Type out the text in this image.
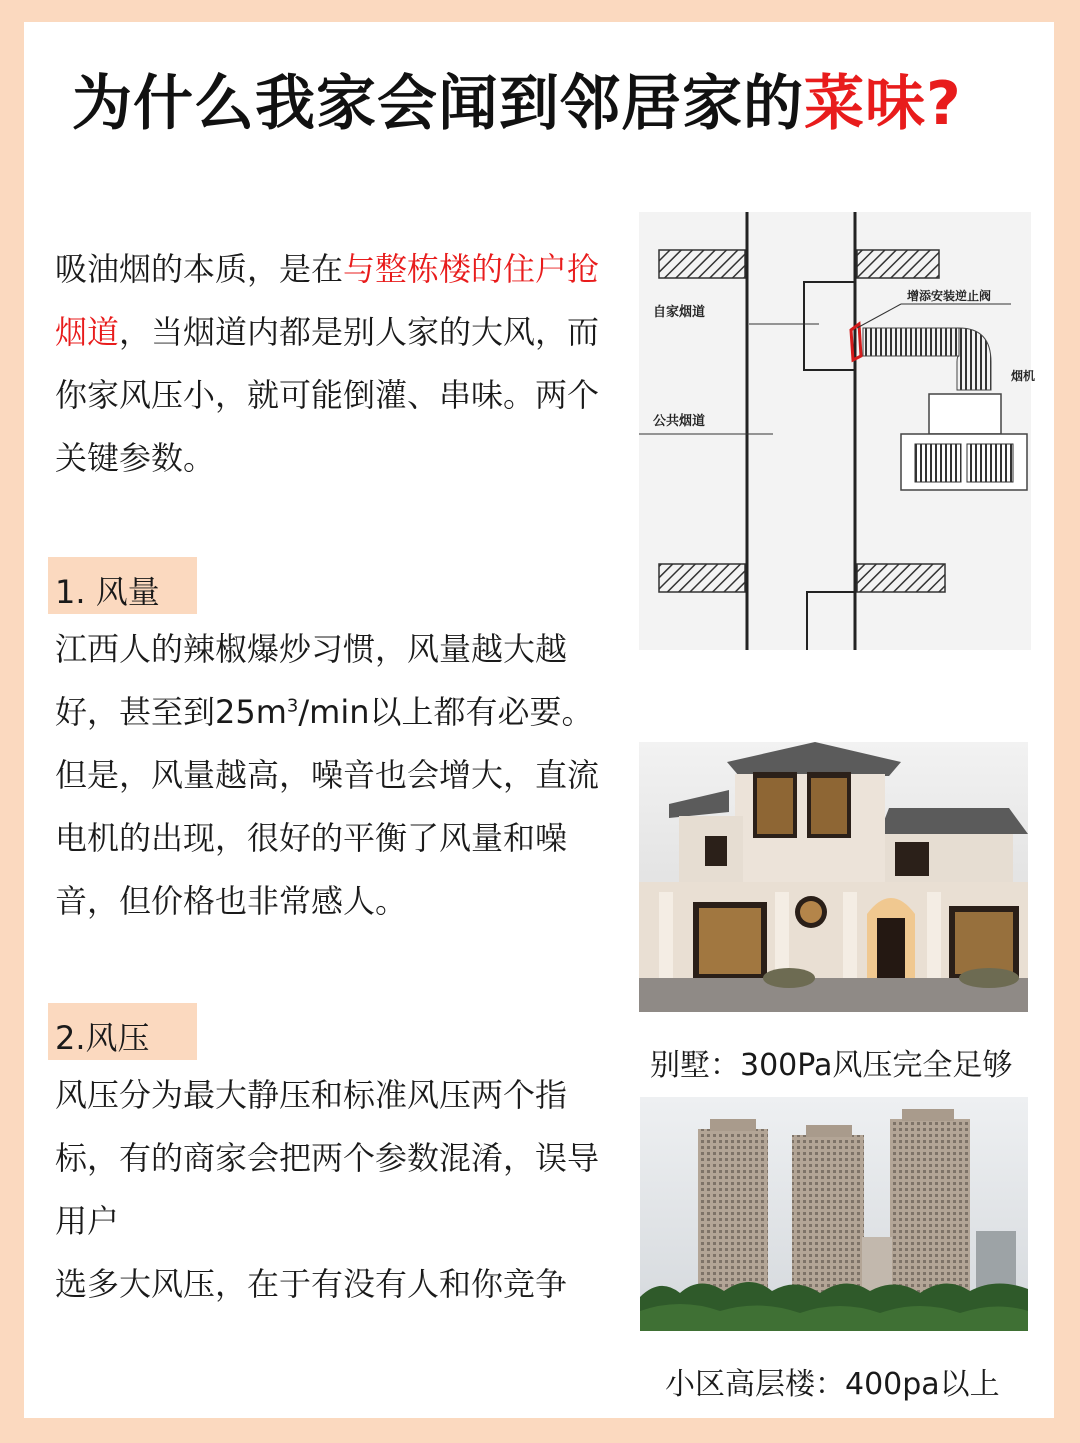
为什么我家会闻到邻居家的菜味?
吸油烟的本质，是在与整栋楼的住户抢烟道，当烟道内都是别人家的大风，而你家风压小，就可能倒灌、串味。两个关键参数。
1. 风量
江西人的辣椒爆炒习惯，风量越大越好，甚至到$25m^3/\min$以上都有必要。但是，风量越高，噪音也会增大，直流电机的出现，很好的平衡了风量和噪音，但价格也非常感人。
2.风压
风压分为最大静压和标准风压两个指标，有的商家会把两个参数混淆，误导用户
选多大风压，在于有没有人和你竞争
自家烟道
公共烟道
增添安装逆止阀
烟机
别墅：300Pa风压完全足够
小区高层楼：400pa以上
